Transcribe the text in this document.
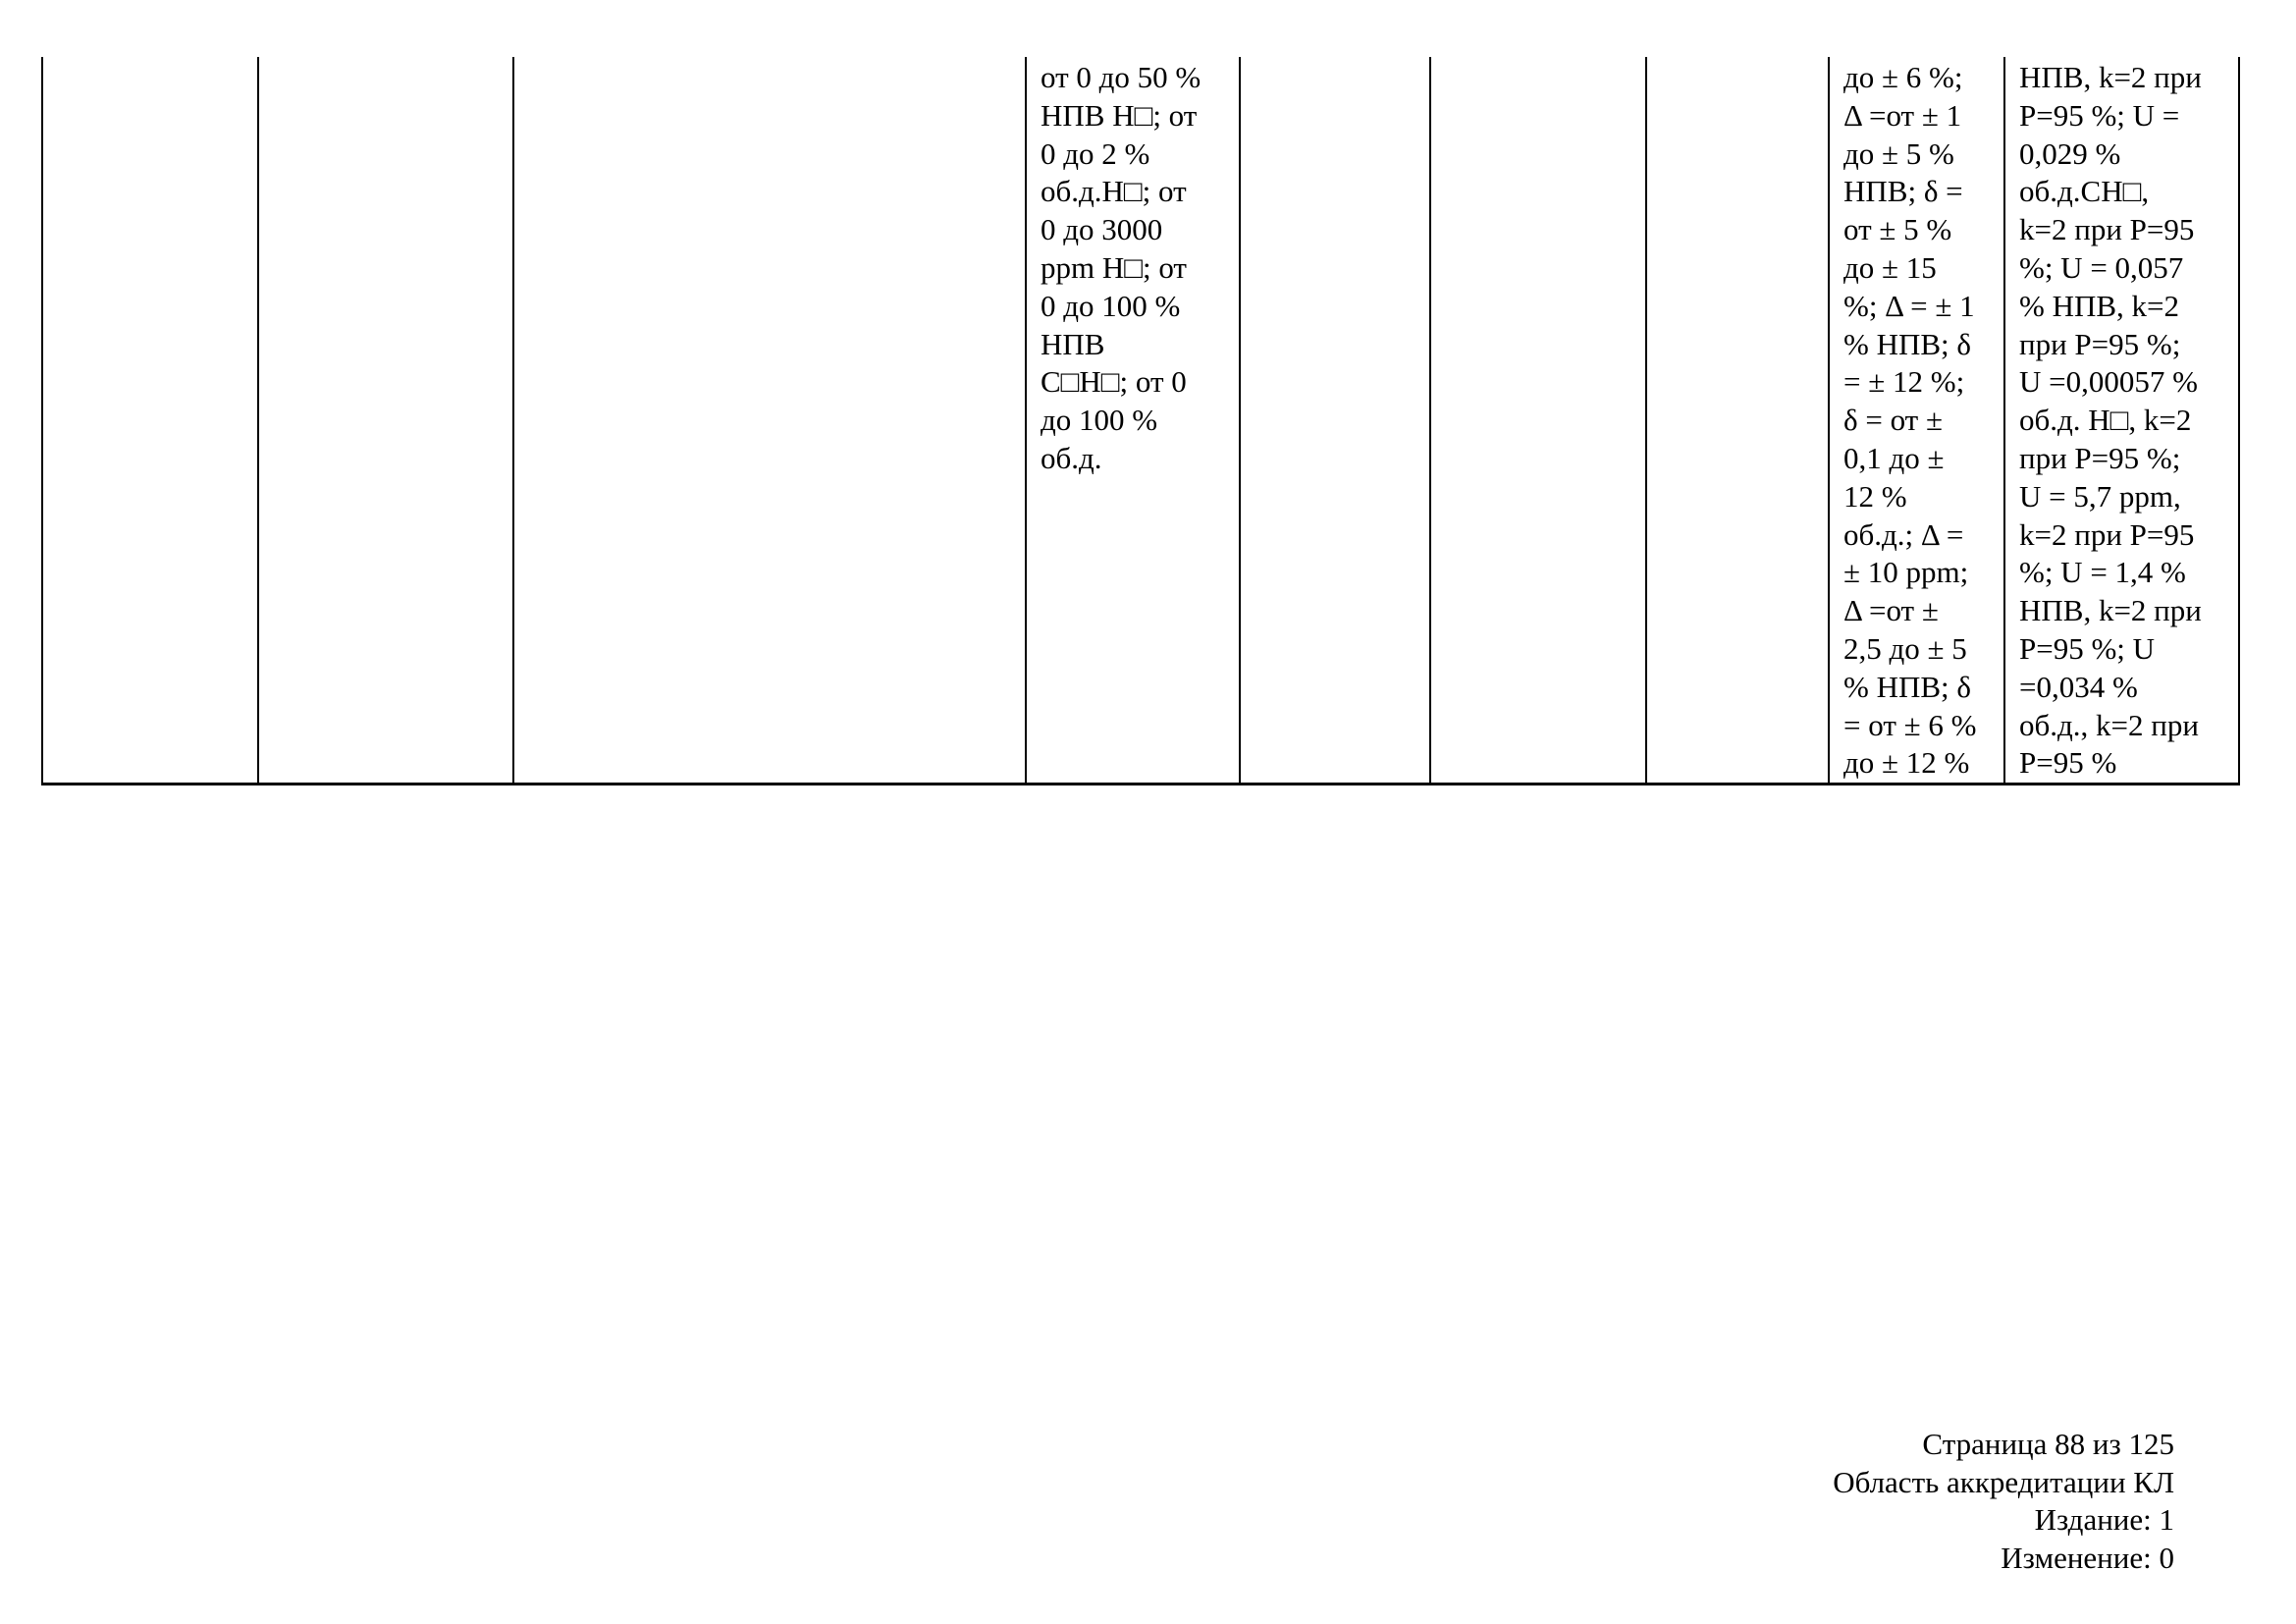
от 0 до 50 %
НПВ Н□; от
0 до 2 %
об.д.Н□; от
0 до 3000
ppm Н□; от
0 до 100 %
НПВ
С□Н□; от 0
до 100 %
об.д.

до ± 6 %;
Δ =от ± 1
до ± 5 %
НПВ; δ =
от ± 5 %
до ± 15
%; Δ = ± 1
% НПВ; δ
= ± 12 %;
δ = от ±
0,1 до ±
12 %
об.д.; Δ =
± 10 ppm;
Δ =от ±
2,5 до ± 5
% НПВ; δ
= от ± 6 %
до ± 12 %

НПВ, k=2 при
Р=95 %; U =
0,029 %
об.д.СН□,
k=2 при Р=95
%; U = 0,057
% НПВ, k=2
при Р=95 %;
U =0,00057 %
об.д. Н□, k=2
при Р=95 %;
U = 5,7 ppm,
k=2 при Р=95
%; U = 1,4 %
НПВ, k=2 при
Р=95 %; U
=0,034 %
об.д., k=2 при
Р=95 %
Страница 88 из 125
Область аккредитации КЛ
Издание: 1
Изменение: 0
